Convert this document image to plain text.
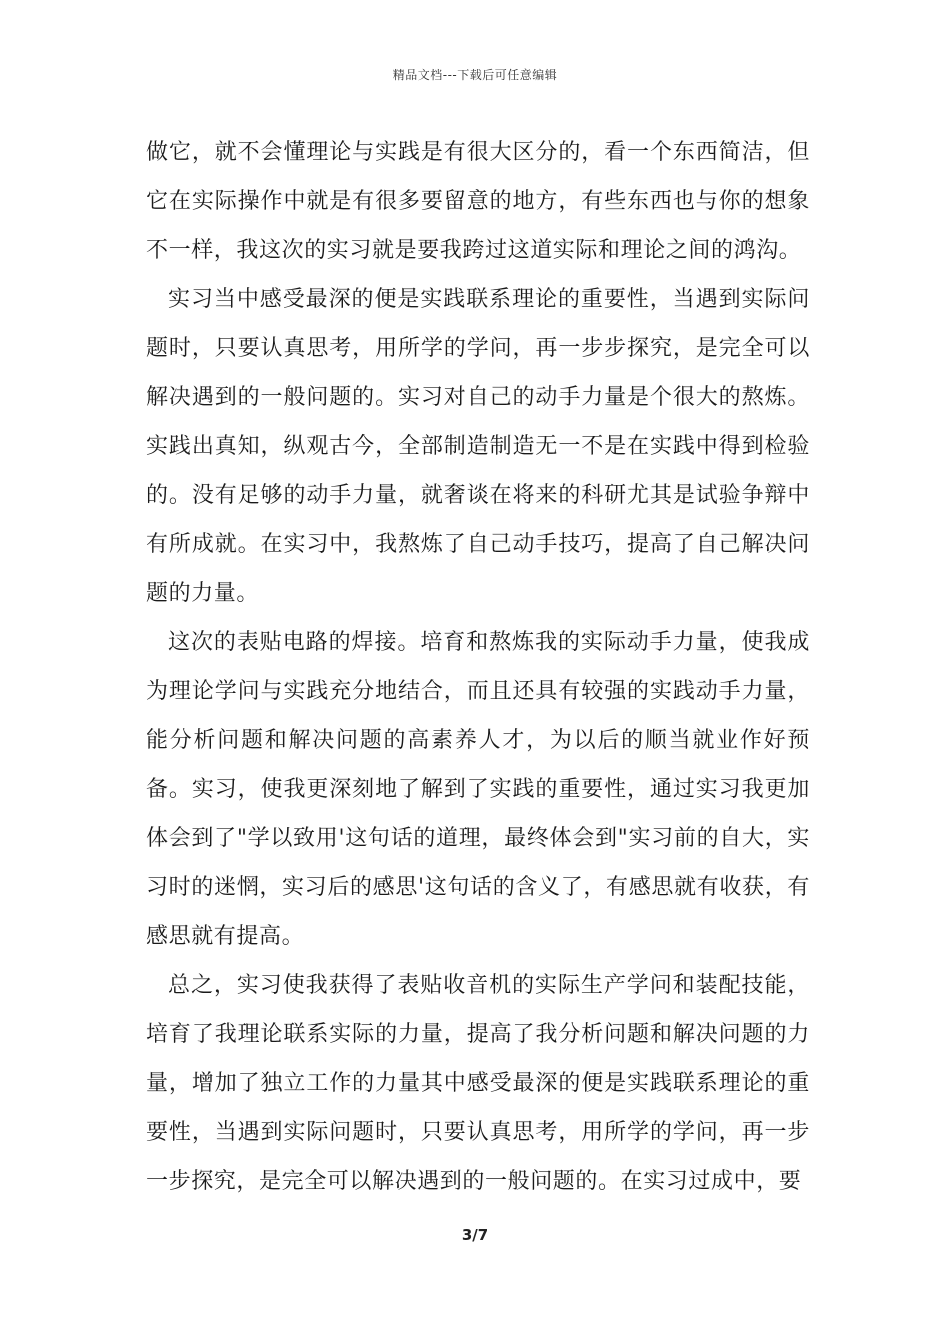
精品文档---下载后可任意编辑

做它，就不会懂理论与实践是有很大区分的，看一个东西简洁，但它在实际操作中就是有很多要留意的地方，有些东西也与你的想象不一样，我这次的实习就是要我跨过这道实际和理论之间的鸿沟。

实习当中感受最深的便是实践联系理论的重要性，当遇到实际问题时，只要认真思考，用所学的学问，再一步步探究，是完全可以解决遇到的一般问题的。实习对自己的动手力量是个很大的熬炼。实践出真知，纵观古今，全部制造制造无一不是在实践中得到检验的。没有足够的动手力量，就奢谈在将来的科研尤其是试验争辩中有所成就。在实习中，我熬炼了自己动手技巧，提高了自己解决问题的力量。

这次的表贴电路的焊接。培育和熬炼我的实际动手力量，使我成为理论学问与实践充分地结合，而且还具有较强的实践动手力量，能分析问题和解决问题的高素养人才，为以后的顺当就业作好预备。实习，使我更深刻地了解到了实践的重要性，通过实习我更加体会到了"学以致用'这句话的道理，最终体会到"实习前的自大，实习时的迷惘，实习后的感思'这句话的含义了，有感思就有收获，有感思就有提高。

总之，实习使我获得了表贴收音机的实际生产学问和装配技能，培育了我理论联系实际的力量，提高了我分析问题和解决问题的力量，增加了独立工作的力量其中感受最深的便是实践联系理论的重要性，当遇到实际问题时，只要认真思考，用所学的学问，再一步一步探究，是完全可以解决遇到的一般问题的。在实习过成中，要

3/7
